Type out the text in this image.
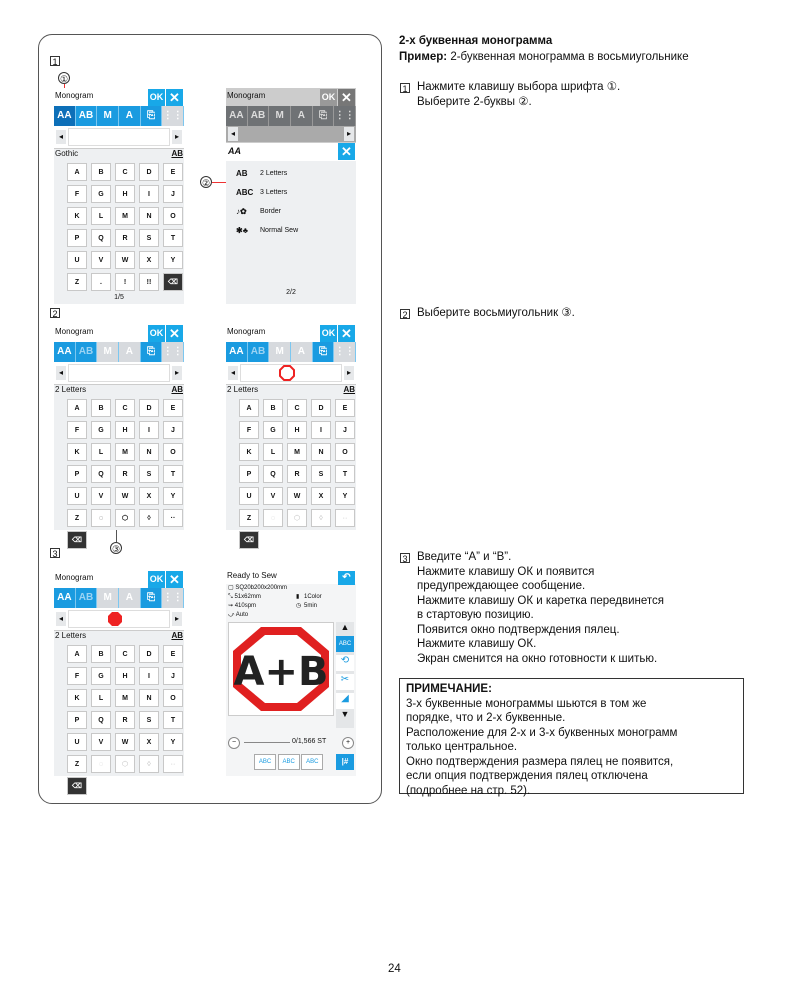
1
2
3
①
②
③
Monogram	OK ✕
AA AB	M	A	⎘ ⋮⋮
◂	▸
Gothic	AB
A	B	C	D	E
F	G	H	I	J
K	L	M	N	O
P	Q	R	S	T
U	V	W	X	Y
Z	.	!	!!	⌫
1/5
Monogram	OK ✕
AA AB	M	A	⎘ ⋮⋮
◂	▸
AA	✕
AB 2 Letters
ABC 3 Letters
♪✿ Border
✱♣ Normal Sew
2/2
Monogram	OK ✕
AA AB	M	A	⎘ ⋮⋮
◂	▸
2 Letters	AB
A	B	C	D	E
F	G	H	I	J
K	L	M	N	O
P	Q	R	S	T
U	V	W	X	Y
Z	◌	⬡	◊	··
⌫
Monogram	OK ✕
AA AB	M	A	⎘ ⋮⋮
◂	▸
2 Letters	AB
A	B	C	D	E
F	G	H	I	J
K	L	M	N	O
P	Q	R	S	T
U	V	W	X	Y
Z	◌	⬡	◊	··
⌫
Monogram	OK ✕
AA AB	M	A	⎘ ⋮⋮
◂	▸
2 Letters	AB
A	B	C	D	E
F	G	H	I	J
K	L	M	N	O
P	Q	R	S	T
U	V	W	X	Y
Z	◌	⬡	◊	··
⌫
Ready to Sew	↶
▢ SQ20b200x200mm
⤡ 51x62mm	▮ 1Color
⇝ 410spm	◷ 5min
⤻ Auto
A+B
▲
ABC
⟲
✂
◢
▼
−	0/1,566 ST	+
ABC ABC ABC	|#
2-х буквенная монограмма
Пример: 2-буквенная монограмма в восьмиугольнике
1 Нажмите клавишу выбора шрифта ①.
Выберите 2-буквы ②.
2 Выберите восьмиугольник ③.
3 Введите “A” и “B”.
Нажмите клавишу ОК и появится
предупреждающее сообщение.
Нажмите клавишу ОК и каретка передвинется
в стартовую позицию.
Появится окно подтверждения пялец.
Нажмите клавишу ОК.
Экран сменится на окно готовности к шитью.
ПРИМЕЧАНИЕ:
3-х буквенные монограммы шьются в том же
порядке, что и 2-х буквенные.
Расположение для 2-х и 3-х буквенных монограмм
только центральное.
Окно подтверждения размера пялец не появится,
если опция подтверждения пялец отключена
(подробнее на стр. 52).
24
